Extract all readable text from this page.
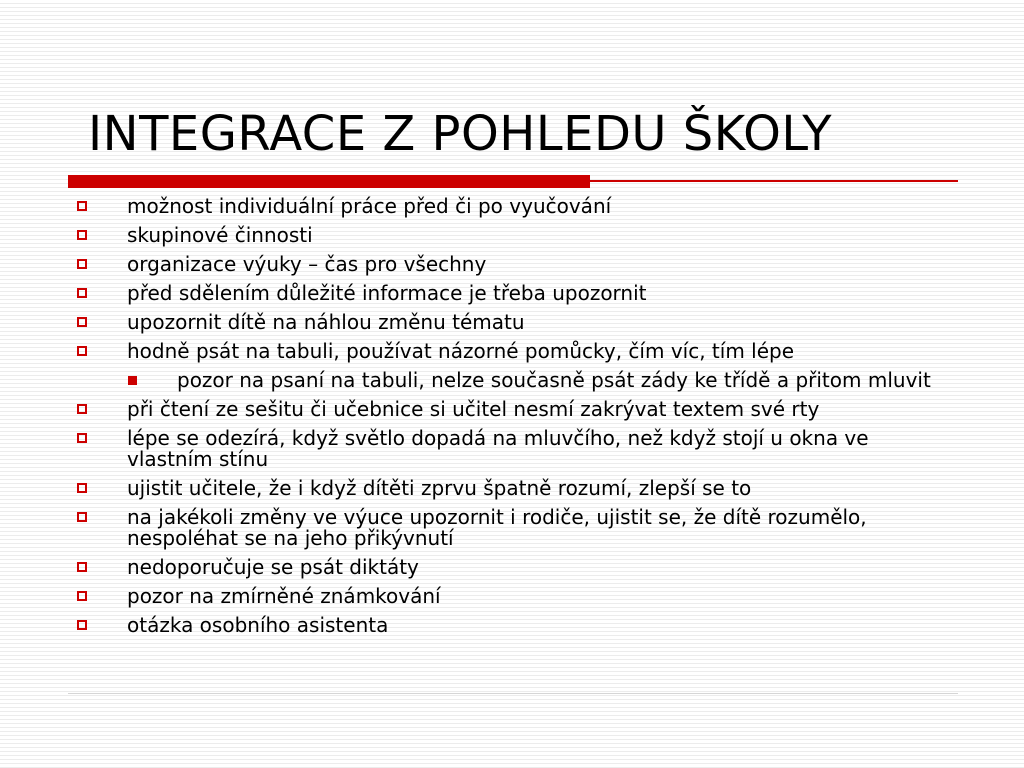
INTEGRACE Z POHLEDU ŠKOLY
možnost individuální práce před či po vyučování
skupinové činnosti
organizace výuky – čas pro všechny
před sdělením důležité informace je třeba upozornit
upozornit dítě na náhlou změnu tématu
hodně psát na tabuli, používat názorné pomůcky, čím víc, tím lépe
pozor na psaní na tabuli, nelze současně psát zády ke třídě a přitom mluvit
při čtení ze sešitu či učebnice si učitel nesmí zakrývat textem své rty
lépe se odezírá, když světlo dopadá na mluvčího, než když stojí u okna ve vlastním stínu
ujistit učitele, že i když dítěti zprvu špatně rozumí, zlepší se to
na jakékoli změny ve výuce upozornit i rodiče, ujistit se, že dítě rozumělo, nespoléhat se na jeho přikývnutí
nedoporučuje se psát diktáty
pozor na zmírněné známkování
otázka osobního asistenta
